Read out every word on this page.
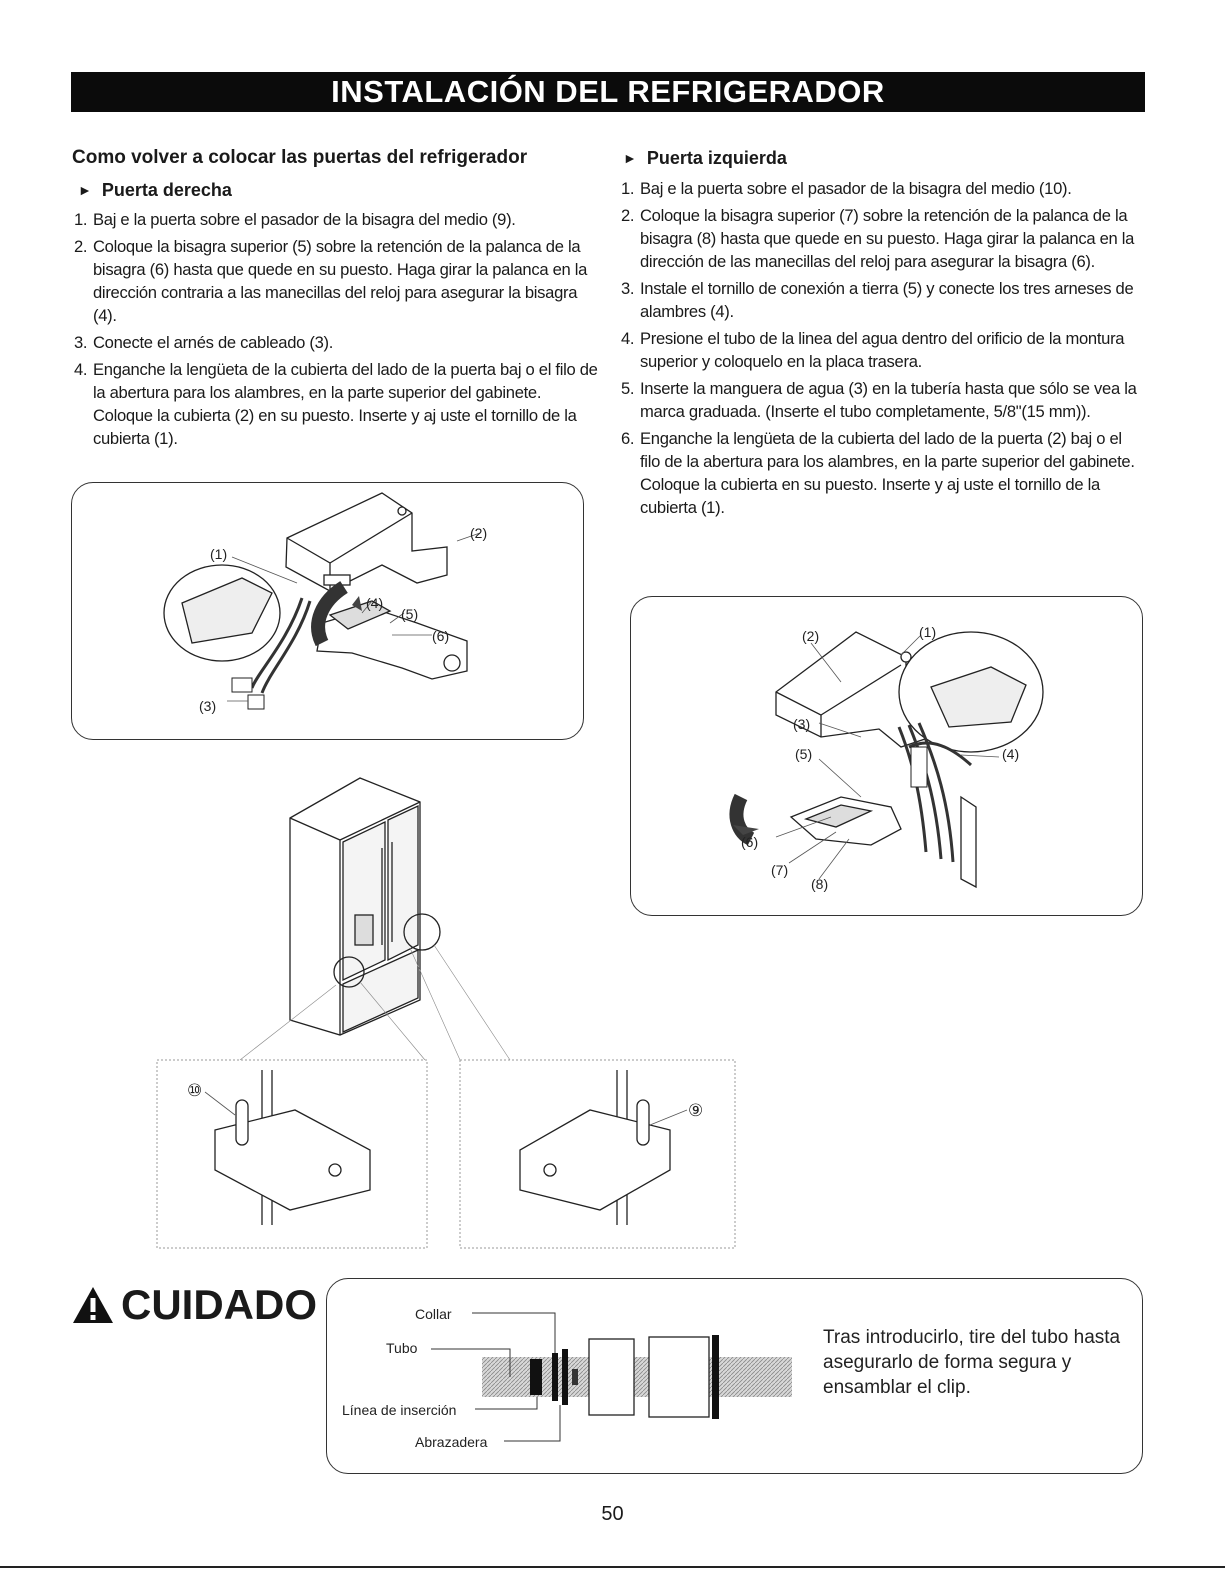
INSTALACIÓN DEL REFRIGERADOR
Como volver a colocar las puertas del refrigerador
► Puerta derecha
1. Baj e la puerta sobre el pasador de la bisagra del medio (9).
2. Coloque la bisagra superior (5) sobre la retención de la palanca de la bisagra (6) hasta que quede en su puesto. Haga girar la palanca en la dirección contraria a las manecillas del reloj para asegurar la bisagra (4).
3. Conecte el arnés de cableado (3).
4. Enganche la lengüeta de la cubierta del lado de la puerta baj o el filo de la abertura para los alambres, en la parte superior del gabinete. Coloque la cubierta (2) en su puesto. Inserte y aj uste el tornillo de la cubierta (1).
(1)
(2)
(3)
(4)
(5)
(6)
► Puerta izquierda
1. Baj e la puerta sobre el pasador de la bisagra del medio (10).
2. Coloque la bisagra superior (7) sobre la retención de la palanca de la bisagra (8) hasta que quede en su puesto. Haga girar la palanca en la dirección de las manecillas del reloj para asegurar la bisagra (6).
3. Instale el tornillo de conexión a tierra (5) y conecte los tres arneses de alambres (4).
4. Presione el tubo de la linea del agua dentro del orificio de la montura superior y coloquelo en la placa trasera.
5. Inserte la manguera de agua (3) en la tubería hasta que sólo se vea la marca graduada. (Inserte el tubo completamente, 5/8"(15 mm)).
6. Enganche la lengüeta de la cubierta del lado de la puerta (2) baj o el filo de la abertura para los alambres, en la parte superior del gabinete. Coloque la cubierta en su puesto. Inserte y aj uste el tornillo de la cubierta (1).
(1)
(2)
(3)
(4)
(5)
(6)
(7)
(8)
⑩
⑨
CUIDADO	Collar
Tubo
Línea de inserción
Abrazadera
Tras introducirlo, tire del tubo hasta asegurarlo de forma segura y ensamblar el clip.
50
